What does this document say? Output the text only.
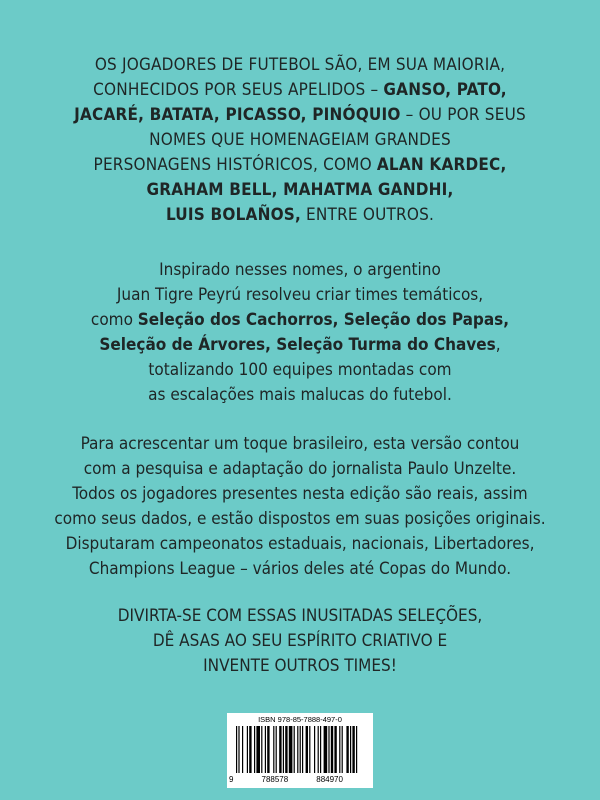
OS JOGADORES DE FUTEBOL SÃO, EM SUA MAIORIA,
CONHECIDOS POR SEUS APELIDOS – GANSO, PATO,
JACARÉ, BATATA, PICASSO, PINÓQUIO – OU POR SEUS
NOMES QUE HOMENAGEIAM GRANDES
PERSONAGENS HISTÓRICOS, COMO ALAN KARDEC,
GRAHAM BELL, MAHATMA GANDHI,
LUIS BOLAÑOS, ENTRE OUTROS.
Inspirado nesses nomes, o argentino
Juan Tigre Peyrú resolveu criar times temáticos,
como Seleção dos Cachorros, Seleção dos Papas,
Seleção de Árvores, Seleção Turma do Chaves,
totalizando 100 equipes montadas com
as escalações mais malucas do futebol.
Para acrescentar um toque brasileiro, esta versão contou
com a pesquisa e adaptação do jornalista Paulo Unzelte.
Todos os jogadores presentes nesta edição são reais, assim
como seus dados, e estão dispostos em suas posições originais.
Disputaram campeonatos estaduais, nacionais, Libertadores,
Champions League – vários deles até Copas do Mundo.
DIVIRTA-SE COM ESSAS INUSITADAS SELEÇÕES,
DÊ ASAS AO SEU ESPÍRITO CRIATIVO E
INVENTE OUTROS TIMES!
ISBN 978-85-7888-497-0
9	788578	884970
